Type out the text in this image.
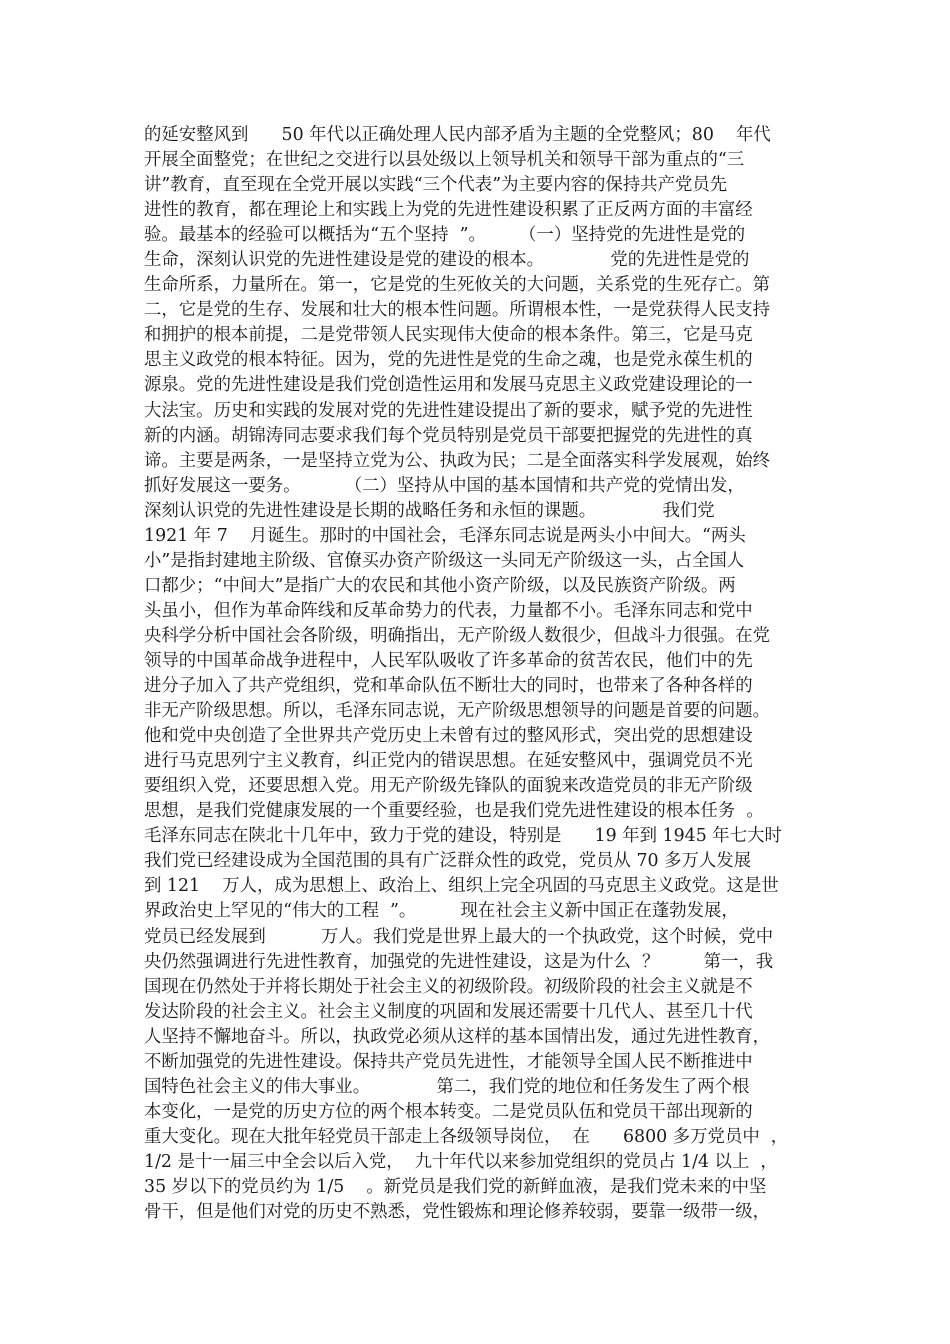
的延安整风到      50 年代以正确处理人民内部矛盾为主题的全党整风；80    年代
开展全面整党；在世纪之交进行以县处级以上领导机关和领导干部为重点的“三
讲”教育，直至现在全党开展以实践“三个代表”为主要内容的保持共产党员先
进性的教育，都在理论上和实践上为党的先进性建设积累了正反两方面的丰富经
验。最基本的经验可以概括为“五个坚持  ”。      （一）坚持党的先进性是党的
生命，深刻认识党的先进性建设是党的建设的根本。            党的先进性是党的
生命所系，力量所在。第一，它是党的生死攸关的大问题，关系党的生死存亡。第
二，它是党的生存、发展和壮大的根本性问题。所谓根本性，一是党获得人民支持
和拥护的根本前提，二是党带领人民实现伟大使命的根本条件。第三，它是马克
思主义政党的根本特征。因为，党的先进性是党的生命之魂，也是党永葆生机的
源泉。党的先进性建设是我们党创造性运用和发展马克思主义政党建设理论的一
大法宝。历史和实践的发展对党的先进性建设提出了新的要求，赋予党的先进性
新的内涵。胡锦涛同志要求我们每个党员特别是党员干部要把握党的先进性的真
谛。主要是两条，一是坚持立党为公、执政为民；二是全面落实科学发展观，始终
抓好发展这一要务。        （二）坚持从中国的基本国情和共产党的党情出发，
深刻认识党的先进性建设是长期的战略任务和永恒的课题。            我们党
1921 年 7    月诞生。那时的中国社会，毛泽东同志说是两头小中间大。“两头
小”是指封建地主阶级、官僚买办资产阶级这一头同无产阶级这一头，占全国人
口都少；“中间大”是指广大的农民和其他小资产阶级，以及民族资产阶级。两
头虽小，但作为革命阵线和反革命势力的代表，力量都不小。毛泽东同志和党中
央科学分析中国社会各阶级，明确指出，无产阶级人数很少，但战斗力很强。在党
领导的中国革命战争进程中，人民军队吸收了许多革命的贫苦农民，他们中的先
进分子加入了共产党组织，党和革命队伍不断壮大的同时，也带来了各种各样的
非无产阶级思想。所以，毛泽东同志说，无产阶级思想领导的问题是首要的问题。
他和党中央创造了全世界共产党历史上未曾有过的整风形式，突出党的思想建设
进行马克思列宁主义教育，纠正党内的错误思想。在延安整风中，强调党员不光
要组织入党，还要思想入党。用无产阶级先锋队的面貌来改造党员的非无产阶级
思想，是我们党健康发展的一个重要经验，也是我们党先进性建设的根本任务  。
毛泽东同志在陕北十几年中，致力于党的建设，特别是      19 年到 1945 年七大时
我们党已经建设成为全国范围的具有广泛群众性的政党，党员从 70 多万人发展
到 121    万人，成为思想上、政治上、组织上完全巩固的马克思主义政党。这是世
界政治史上罕见的“伟大的工程  ”。        现在社会主义新中国正在蓬勃发展，
党员已经发展到          万人。我们党是世界上最大的一个执政党，这个时候，党中
央仍然强调进行先进性教育，加强党的先进性建设，这是为什么  ？        第一，我
国现在仍然处于并将长期处于社会主义的初级阶段。初级阶段的社会主义就是不
发达阶段的社会主义。社会主义制度的巩固和发展还需要十几代人、甚至几十代
人坚持不懈地奋斗。所以，执政党必须从这样的基本国情出发，通过先进性教育，
不断加强党的先进性建设。保持共产党员先进性，才能领导全国人民不断推进中
国特色社会主义的伟大事业。            第二，我们党的地位和任务发生了两个根
本变化，一是党的历史方位的两个根本转变。二是党员队伍和党员干部出现新的
重大变化。现在大批年轻党员干部走上各级领导岗位，  在      6800 多万党员中  ，
1/2 是十一届三中全会以后入党，  九十年代以来参加党组织的党员占 1/4 以上  ，
35 岁以下的党员约为 1/5    。新党员是我们党的新鲜血液，是我们党未来的中坚
骨干，但是他们对党的历史不熟悉，党性锻炼和理论修养较弱，要靠一级带一级，
